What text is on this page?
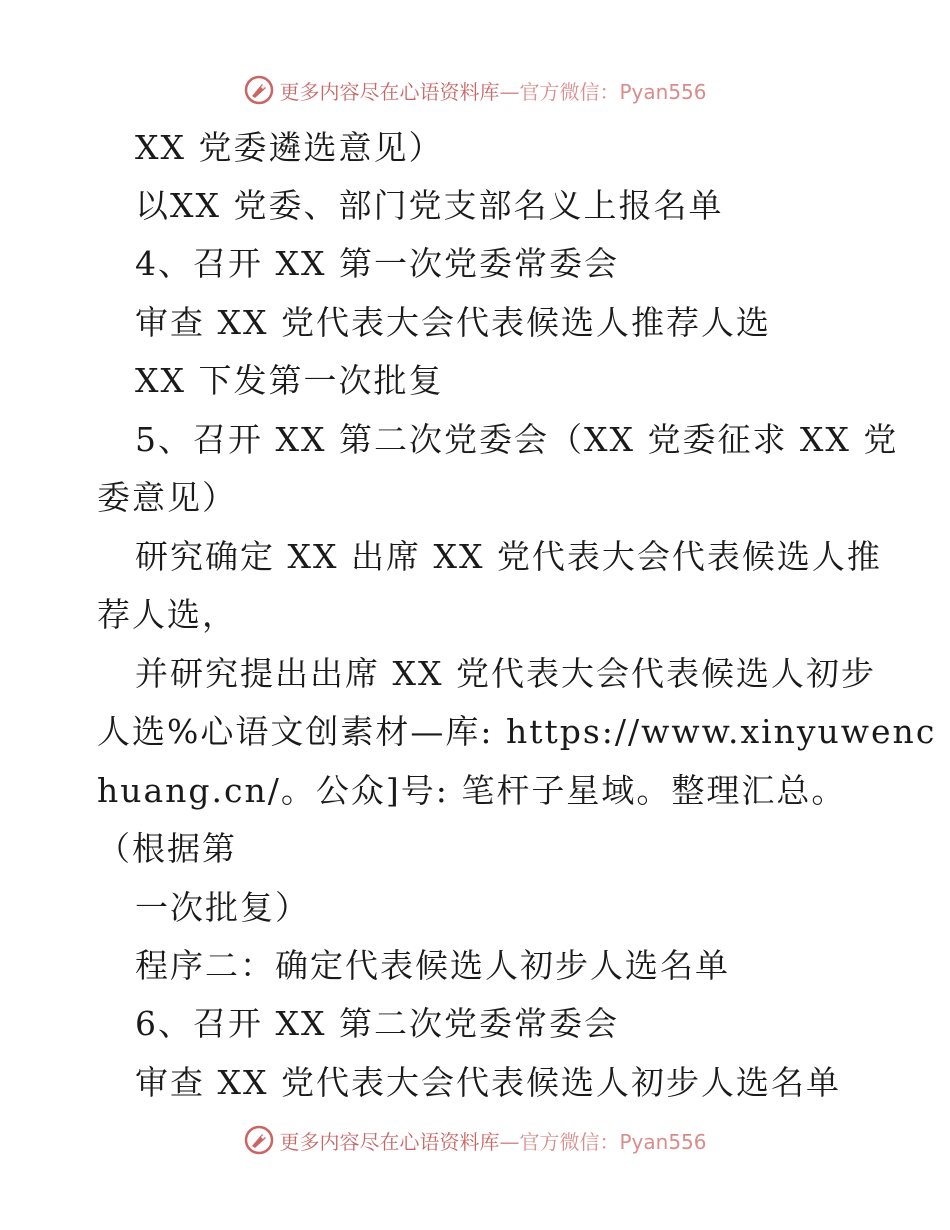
更多内容尽在心语资料库—官方微信：Pyan556
XX 党委遴选意见）
以XX 党委、部门党支部名义上报名单
4、召开 XX 第一次党委常委会
审查 XX 党代表大会代表候选人推荐人选
XX 下发第一次批复
5、召开 XX 第二次党委会（XX 党委征求 XX 党
委意见）
研究确定 XX 出席 XX 党代表大会代表候选人推
荐人选，
并研究提出出席 XX 党代表大会代表候选人初步
人选%心语文创素材—库: https://www.xinyuwenc
huang.cn/。公众]号: 笔杆子星域。整理汇总。
（根据第
一次批复）
程序二：确定代表候选人初步人选名单
6、召开 XX 第二次党委常委会
审查 XX 党代表大会代表候选人初步人选名单
更多内容尽在心语资料库—官方微信：Pyan556
